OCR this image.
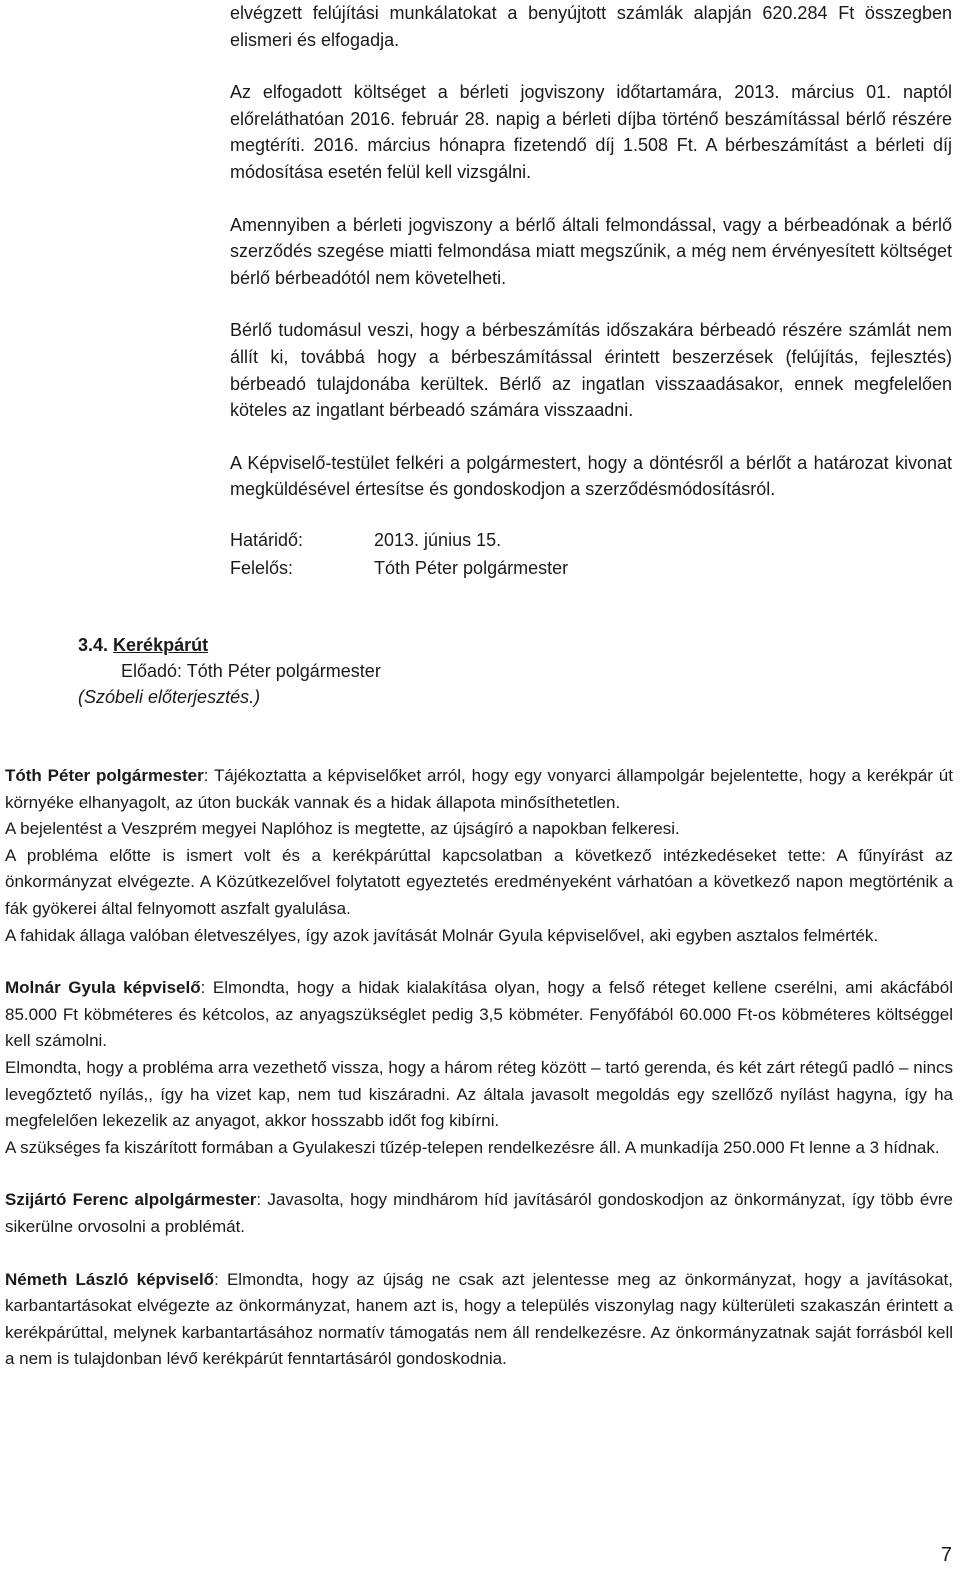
elvégzett felújítási munkálatokat a benyújtott számlák alapján 620.284 Ft összegben elismeri és elfogadja.

Az elfogadott költséget a bérleti jogviszony időtartamára, 2013. március 01. naptól előreláthatóan 2016. február 28. napig a bérleti díjba történő beszámítással bérlő részére megtéríti. 2016. március hónapra fizetendő díj 1.508 Ft. A bérbeszámítást a bérleti díj módosítása esetén felül kell vizsgálni.

Amennyiben a bérleti jogviszony a bérlő általi felmondással, vagy a bérbeadónak a bérlő szerződés szegése miatti felmondása miatt megszűnik, a még nem érvényesített költséget bérlő bérbeadótól nem követelheti.

Bérlő tudomásul veszi, hogy a bérbeszámítás időszakára bérbeadó részére számlát nem állít ki, továbbá hogy a bérbeszámítással érintett beszerzések (felújítás, fejlesztés) bérbeadó tulajdonába kerültek. Bérlő az ingatlan visszaadásakor, ennek megfelelően köteles az ingatlant bérbeadó számára visszaadni.

A Képviselő-testület felkéri a polgármestert, hogy a döntésről a bérlőt a határozat kivonat megküldésével értesítse és gondoskodjon a szerződésmódosításról.

Határidő:	2013. június 15.
Felelős:	Tóth Péter polgármester
3.4. Kerékpárút
Előadó: Tóth Péter polgármester
(Szóbeli előterjesztés.)

Tóth Péter polgármester: Tájékoztatta a képviselőket arról, hogy egy vonyarci állampolgár bejelentette, hogy a kerékpár út környéke elhanyagolt, az úton buckák vannak és a hidak állapota minősíthetetlen.

A bejelentést a Veszprém megyei Naplóhoz is megtette, az újságíró a napokban felkeresi.

A probléma előtte is ismert volt és a kerékpárúttal kapcsolatban a következő intézkedéseket tette: A fűnyírást az önkormányzat elvégezte. A Közútkezelővel folytatott egyeztetés eredményeként várhatóan a következő napon megtörténik a fák gyökerei által felnyomott aszfalt gyalulása.

A fahidak állaga valóban életveszélyes, így azok javítását Molnár Gyula képviselővel, aki egyben asztalos felmérték.

Molnár Gyula képviselő: Elmondta, hogy a hidak kialakítása olyan, hogy a felső réteget kellene cserélni, ami akácfából 85.000 Ft köbméteres és kétcolos, az anyagszükséglet pedig 3,5 köbméter. Fenyőfából 60.000 Ft-os köbméteres költséggel kell számolni.

Elmondta, hogy a probléma arra vezethető vissza, hogy a három réteg között – tartó gerenda, és két zárt rétegű padló – nincs levegőztető nyílás,, így ha vizet kap, nem tud kiszáradni. Az általa javasolt megoldás egy szellőző nyílást hagyna, így ha megfelelően lekezelik az anyagot, akkor hosszabb időt fog kibírni.

A szükséges fa kiszárított formában a Gyulakeszi tűzép-telepen rendelkezésre áll. A munkadíja 250.000 Ft lenne a 3 hídnak.

Szijártó Ferenc alpolgármester: Javasolta, hogy mindhárom híd javításáról gondoskodjon az önkormányzat, így több évre sikerülne orvosolni a problémát.

Németh László képviselő: Elmondta, hogy az újság ne csak azt jelentesse meg az önkormányzat, hogy a javításokat, karbantartásokat elvégezte az önkormányzat, hanem azt is, hogy a település viszonylag nagy külterületi szakaszán érintett a kerékpárúttal, melynek karbantartásához normatív támogatás nem áll rendelkezésre. Az önkormányzatnak saját forrásból kell a nem is tulajdonban lévő kerékpárút fenntartásáról gondoskodnia.

7
